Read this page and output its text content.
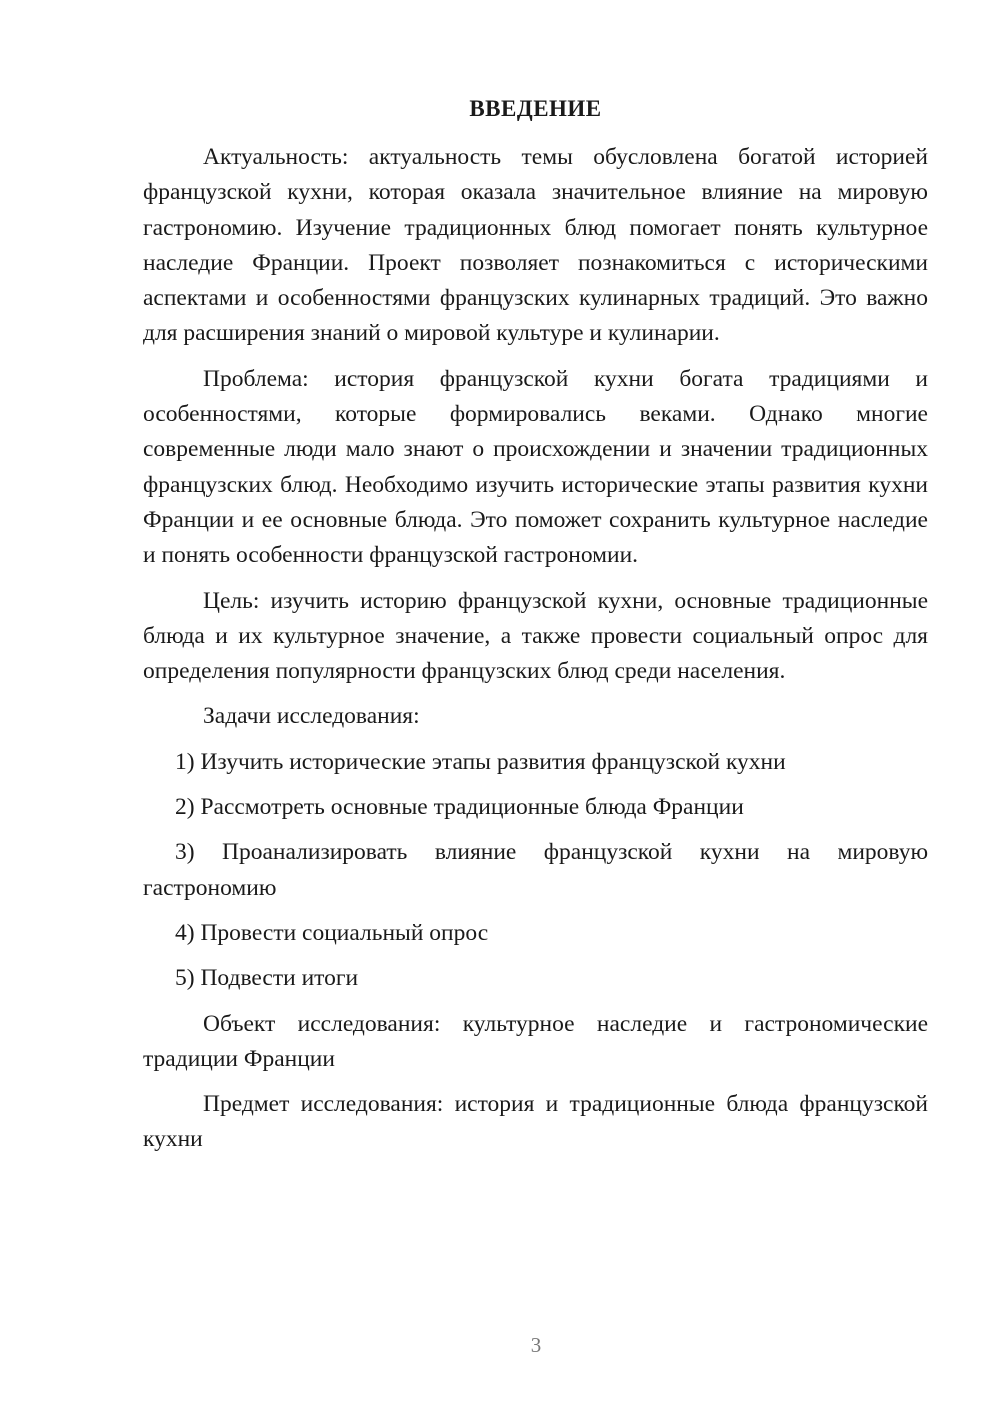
ВВЕДЕНИЕ

Актуальность: актуальность темы обусловлена богатой историей французской кухни, которая оказала значительное влияние на мировую гастрономию. Изучение традиционных блюд помогает понять культурное наследие Франции. Проект позволяет познакомиться с историческими аспектами и особенностями французских кулинарных традиций. Это важно для расширения знаний о мировой культуре и кулинарии.

Проблема: история французской кухни богата традициями и особенностями, которые формировались веками. Однако многие современные люди мало знают о происхождении и значении традиционных французских блюд. Необходимо изучить исторические этапы развития кухни Франции и ее основные блюда. Это поможет сохранить культурное наследие и понять особенности французской гастрономии.

Цель: изучить историю французской кухни, основные традиционные блюда и их культурное значение, а также провести социальный опрос для определения популярности французских блюд среди населения.

Задачи исследования:

1) Изучить исторические этапы развития французской кухни

2) Рассмотреть основные традиционные блюда Франции

3) Проанализировать влияние французской кухни на мировую гастрономию

4) Провести социальный опрос

5) Подвести итоги

Объект исследования: культурное наследие и гастрономические традиции Франции

Предмет исследования: история и традиционные блюда французской кухни

3
